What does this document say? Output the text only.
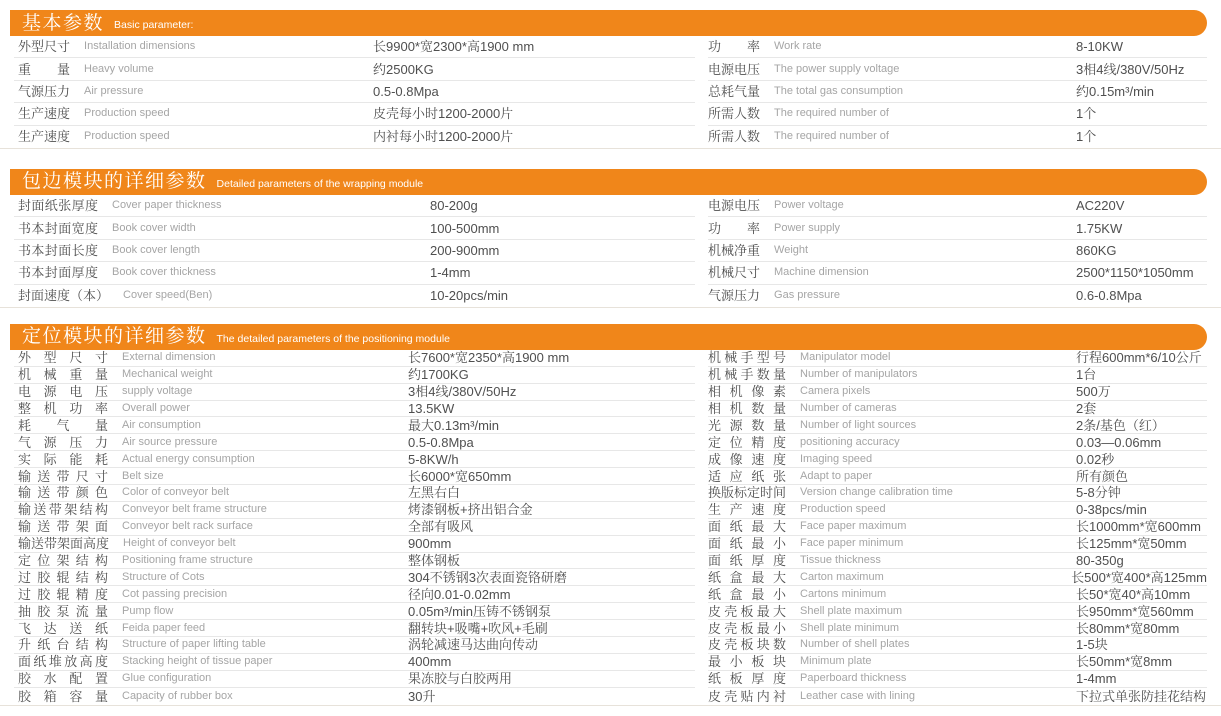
基本参数 Basic parameter:
外型尺寸	Installation dimensions	长9900*宽2300*高1900 mm
重量	Heavy volume	约2500KG
气源压力	Air pressure	0.5-0.8Mpa
生产速度	Production speed	皮壳每小时1200-2000片
生产速度	Production speed	内衬每小时1200-2000片
功率	Work rate	8-10KW
电源电压	The power supply voltage	3相4线/380V/50Hz
总耗气量	The total gas consumption	约0.15m³/min
所需人数	The required number of	1个
所需人数	The required number of	1个
包边模块的详细参数 Detailed parameters of the wrapping module
封面纸张厚度	Cover paper thickness	80-200g
书本封面宽度	Book cover width	100-500mm
书本封面长度	Book cover length	200-900mm
书本封面厚度	Book cover thickness	1-4mm
封面速度（本）	Cover speed(Ben)	10-20pcs/min
电源电压	Power voltage	AC220V
功率	Power supply	1.75KW
机械净重	Weight	860KG
机械尺寸	Machine dimension	2500*1150*1050mm
气源压力	Gas pressure	0.6-0.8Mpa
定位模块的详细参数 The detailed parameters of the positioning module
外型尺寸	External dimension	长7600*宽2350*高1900 mm
机械重量	Mechanical weight	约1700KG
电源电压	supply voltage	3相4线/380V/50Hz
整机功率	Overall power	13.5KW
耗气量	Air consumption	最大0.13m³/min
气源压力	Air source pressure	0.5-0.8Mpa
实际能耗	Actual energy consumption	5-8KW/h
输送带尺寸	Belt size	长6000*宽650mm
输送带颜色	Color of conveyor belt	左黑右白
输送带架结构	Conveyor belt frame structure	烤漆钢板+挤出铝合金
输送带架面	Conveyor belt rack surface	全部有吸风
输送带架面高度	Height of conveyor belt	900mm
定位架结构	Positioning frame structure	整体钢板
过胶辊结构	Structure of Cots	304不锈钢3次表面瓷铬研磨
过胶辊精度	Cot passing precision	径向0.01-0.02mm
抽胶泵流量	Pump flow	0.05m³/min压铸不锈钢泵
飞达送纸	Feida paper feed	翻转块+吸嘴+吹风+毛刷
升纸台结构	Structure of paper lifting table	涡轮减速马达曲向传动
面纸堆放高度	Stacking height of tissue paper	400mm
胶水配置	Glue configuration	果冻胶与白胶两用
胶箱容量	Capacity of rubber box	30升
机械手型号	Manipulator model	行程600mm*6/10公斤
机械手数量	Number of manipulators	1台
相机像素	Camera pixels	500万
相机数量	Number of cameras	2套
光源数量	Number of light sources	2条/基色（红）
定位精度	positioning accuracy	0.03—0.06mm
成像速度	Imaging speed	0.02秒
适应纸张	Adapt to paper	所有颜色
换版标定时间	Version change calibration time	5-8分钟
生产速度	Production speed	0-38pcs/min
面纸最大	Face paper maximum	长1000mm*宽600mm
面纸最小	Face paper minimum	长125mm*宽50mm
面纸厚度	Tissue thickness	80-350g
纸盒最大	Carton maximum	长500*宽400*高125mm
纸盒最小	Cartons minimum	长50*宽40*高10mm
皮壳板最大	Shell plate maximum	长950mm*宽560mm
皮壳板最小	Shell plate minimum	长80mm*宽80mm
皮壳板块数	Number of shell plates	1-5块
最小板块	Minimum plate	长50mm*宽8mm
纸板厚度	Paperboard thickness	1-4mm
皮壳贴内衬	Leather case with lining	下拉式单张防挂花结构
